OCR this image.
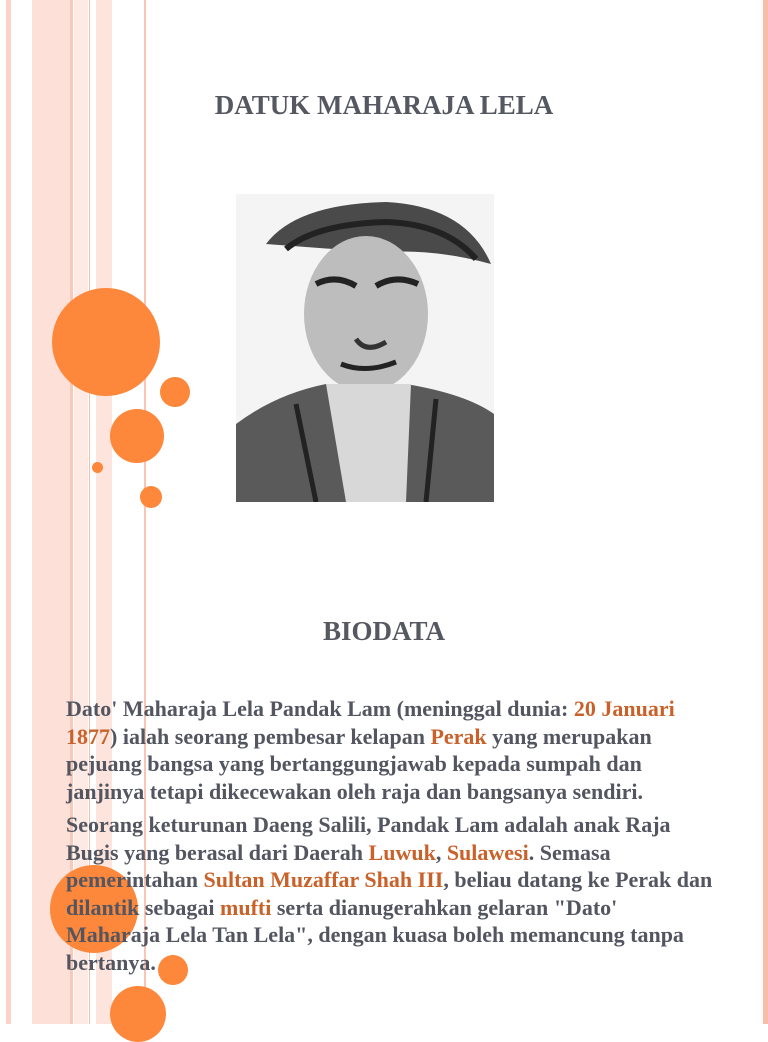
DATUK MAHARAJA LELA
BIODATA

Dato' Maharaja Lela Pandak Lam (meninggal dunia: 20 Januari 1877) ialah seorang pembesar kelapan Perak yang merupakan pejuang bangsa yang bertanggungjawab kepada sumpah dan janjinya tetapi dikecewakan oleh raja dan bangsanya sendiri.

Seorang keturunan Daeng Salili, Pandak Lam adalah anak Raja Bugis yang berasal dari Daerah Luwuk, Sulawesi. Semasa pemerintahan Sultan Muzaffar Shah III, beliau datang ke Perak dan dilantik sebagai mufti serta dianugerahkan gelaran "Dato' Maharaja Lela Tan Lela", dengan kuasa boleh memancung tanpa bertanya.
